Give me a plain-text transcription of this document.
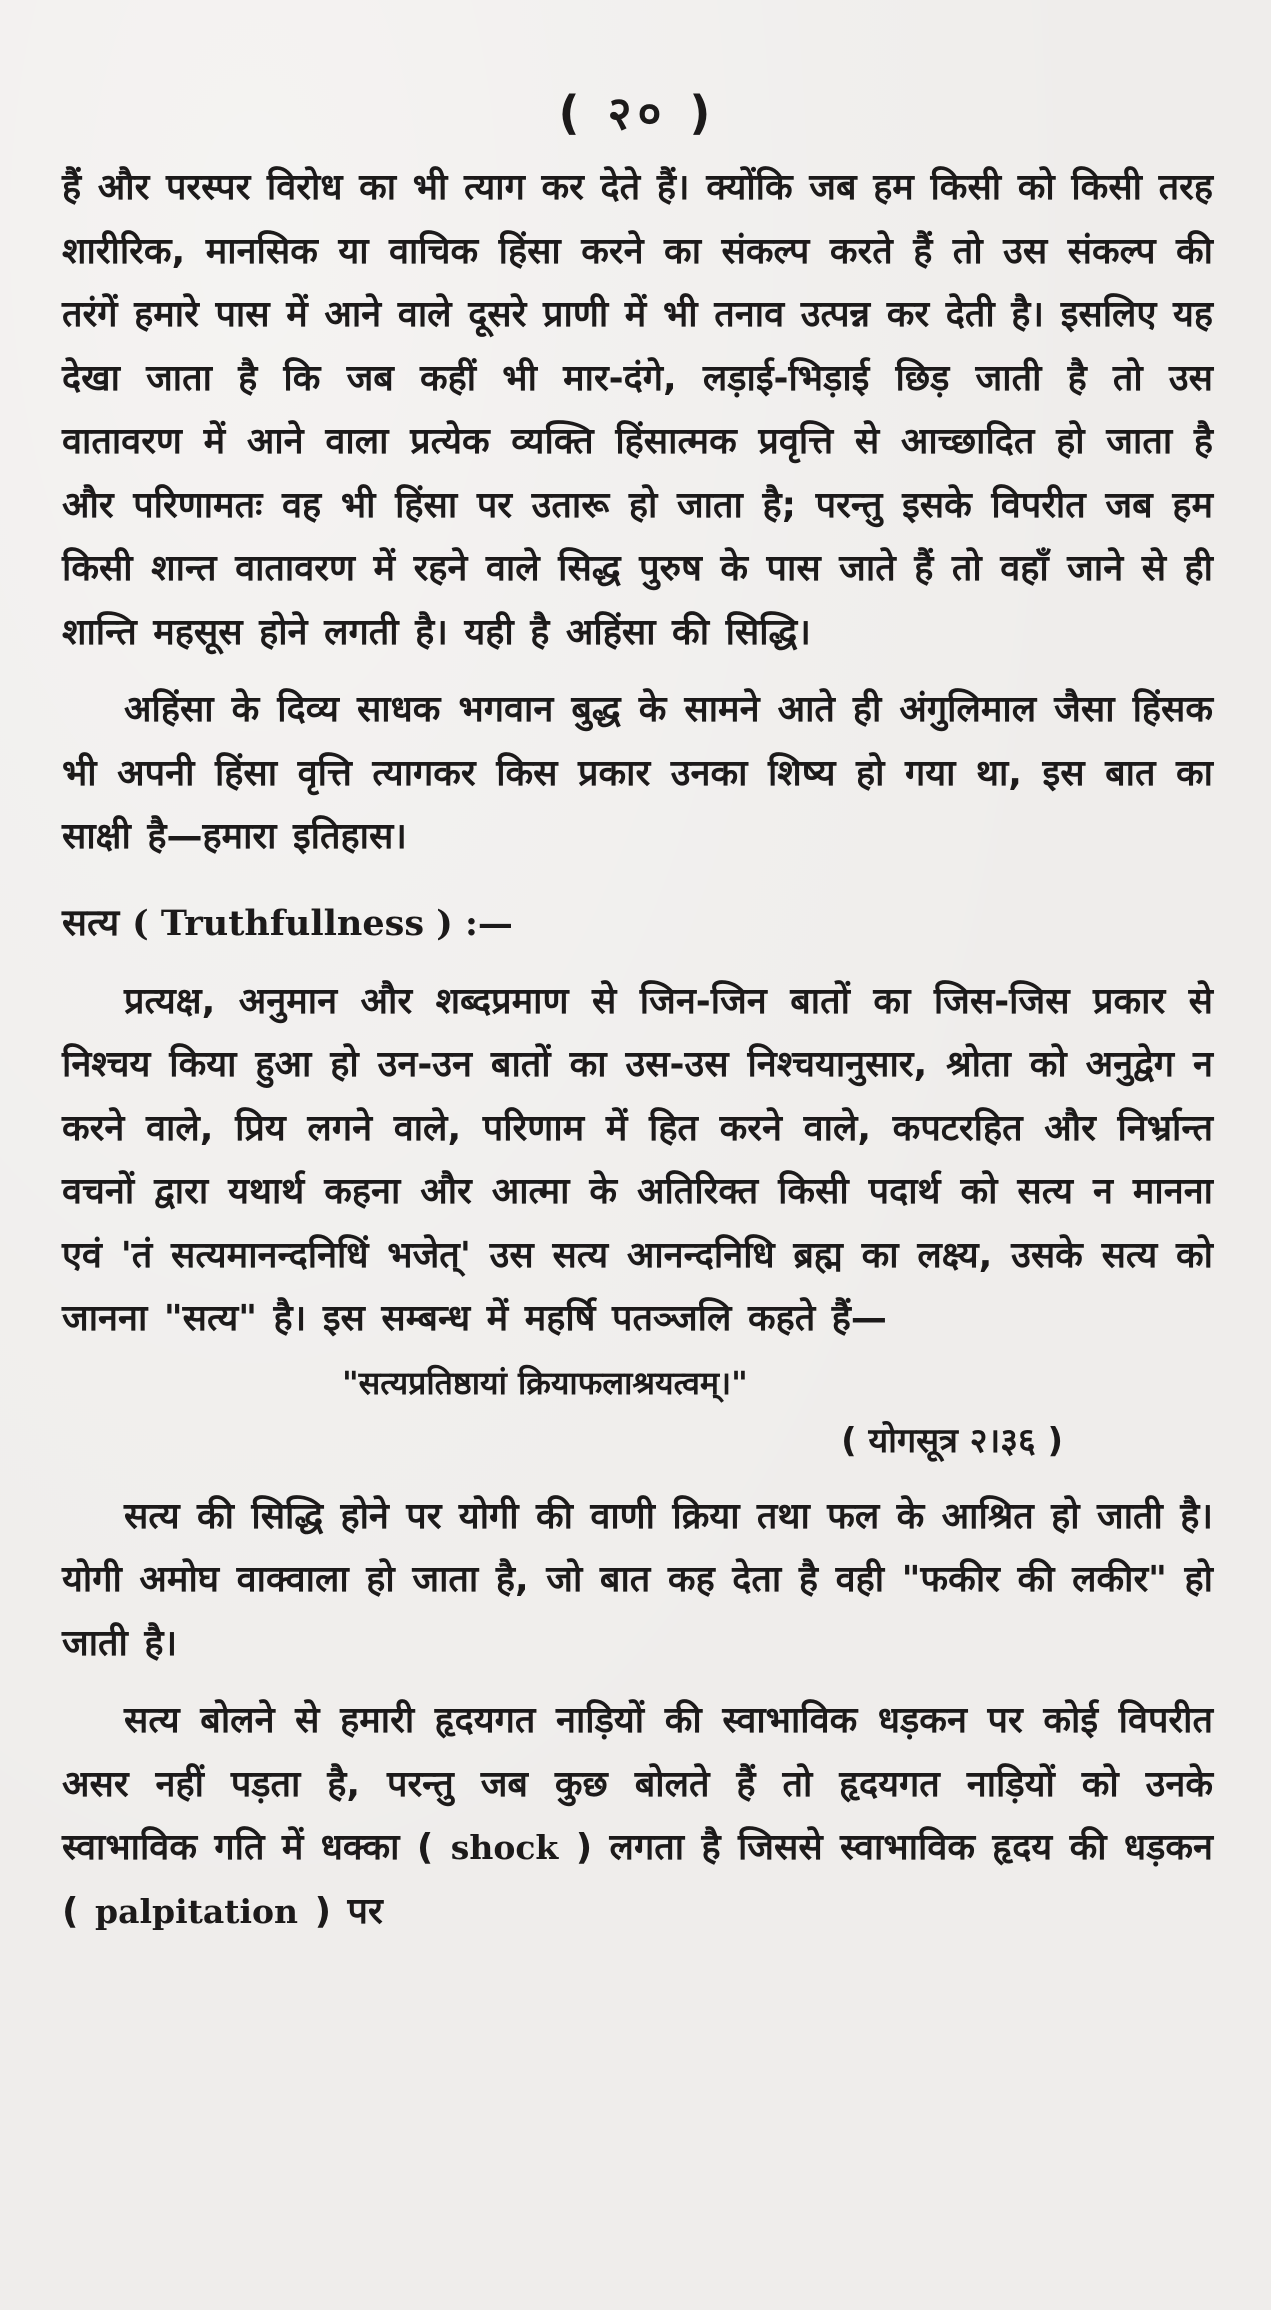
( २० )

हैं और परस्पर विरोध का भी त्याग कर देते हैं। क्योंकि जब हम किसी को किसी तरह शारीरिक, मानसिक या वाचिक हिंसा करने का संकल्प करते हैं तो उस संकल्प की तरंगें हमारे पास में आने वाले दूसरे प्राणी में भी तनाव उत्पन्न कर देती है। इसलिए यह देखा जाता है कि जब कहीं भी मार-दंगे, लड़ाई-भिड़ाई छिड़ जाती है तो उस वातावरण में आने वाला प्रत्येक व्यक्ति हिंसात्मक प्रवृत्ति से आच्छादित हो जाता है और परिणामतः वह भी हिंसा पर उतारू हो जाता है; परन्तु इसके विपरीत जब हम किसी शान्त वातावरण में रहने वाले सिद्ध पुरुष के पास जाते हैं तो वहाँ जाने से ही शान्ति महसूस होने लगती है। यही है अहिंसा की सिद्धि।

अहिंसा के दिव्य साधक भगवान बुद्ध के सामने आते ही अंगुलिमाल जैसा हिंसक भी अपनी हिंसा वृत्ति त्यागकर किस प्रकार उनका शिष्य हो गया था, इस बात का साक्षी है—हमारा इतिहास।

सत्य ( Truthfullness ) :—

प्रत्यक्ष, अनुमान और शब्दप्रमाण से जिन-जिन बातों का जिस-जिस प्रकार से निश्चय किया हुआ हो उन-उन बातों का उस-उस निश्चयानुसार, श्रोता को अनुद्वेग न करने वाले, प्रिय लगने वाले, परिणाम में हित करने वाले, कपटरहित और निर्भ्रान्त वचनों द्वारा यथार्थ कहना और आत्मा के अतिरिक्त किसी पदार्थ को सत्य न मानना एवं 'तं सत्यमानन्दनिधिं भजेत्' उस सत्य आनन्दनिधि ब्रह्म का लक्ष्य, उसके सत्य को जानना "सत्य" है। इस सम्बन्ध में महर्षि पतञ्जलि कहते हैं—

"सत्यप्रतिष्ठायां क्रियाफलाश्रयत्वम्।"
( योगसूत्र २।३६ )

सत्य की सिद्धि होने पर योगी की वाणी क्रिया तथा फल के आश्रित हो जाती है। योगी अमोघ वाक्वाला हो जाता है, जो बात कह देता है वही "फकीर की लकीर" हो जाती है।

सत्य बोलने से हमारी हृदयगत नाड़ियों की स्वाभाविक धड़कन पर कोई विपरीत असर नहीं पड़ता है, परन्तु जब कुछ बोलते हैं तो हृदयगत नाड़ियों को उनके स्वाभाविक गति में धक्का ( shock ) लगता है जिससे स्वाभाविक हृदय की धड़कन ( palpitation ) पर
